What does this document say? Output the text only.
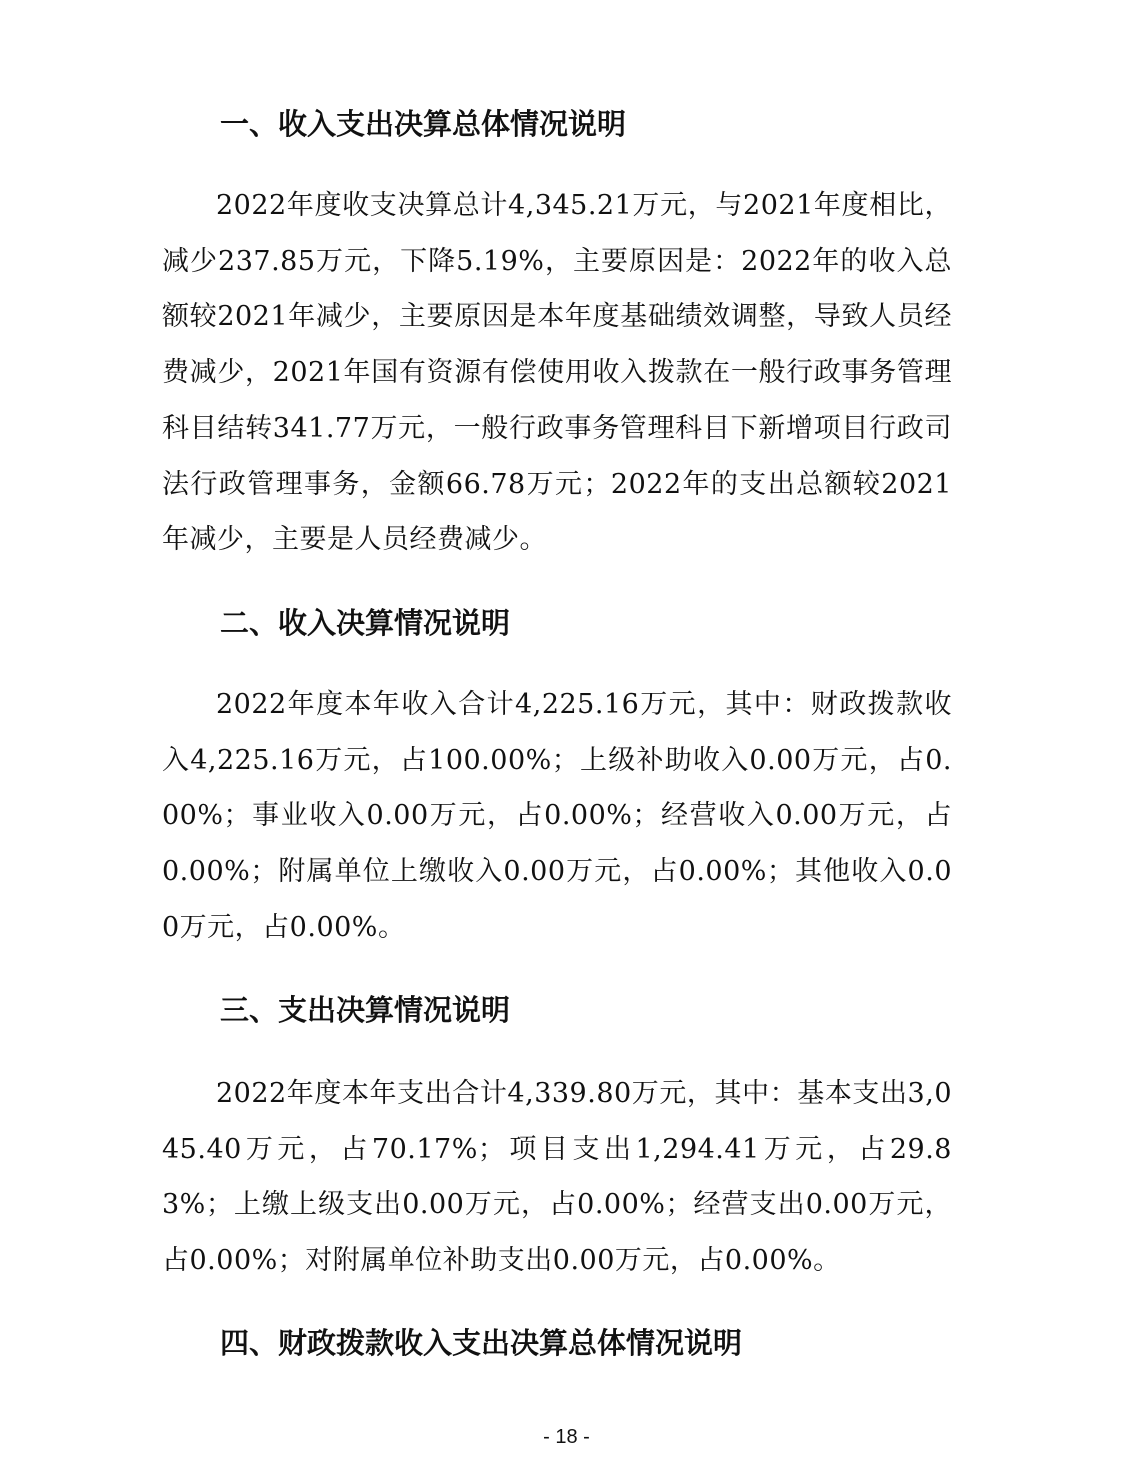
一、收入支出决算总体情况说明

2022年度收支决算总计4,345.21万元，与2021年度相比，减少237.85万元，下降5.19%，主要原因是：2022年的收入总额较2021年减少，主要原因是本年度基础绩效调整，导致人员经费减少，2021年国有资源有偿使用收入拨款在一般行政事务管理科目结转341.77万元，一般行政事务管理科目下新增项目行政司法行政管理事务，金额66.78万元；2022年的支出总额较2021年减少，主要是人员经费减少。

二、收入决算情况说明

2022年度本年收入合计4,225.16万元，其中：财政拨款收入4,225.16万元，占100.00%；上级补助收入0.00万元，占0.00%；事业收入0.00万元，占0.00%；经营收入0.00万元，占0.00%；附属单位上缴收入0.00万元，占0.00%；其他收入0.00万元，占0.00%。

三、支出决算情况说明

2022年度本年支出合计4,339.80万元，其中：基本支出3,045.40万元，占70.17%；项目支出1,294.41万元，占29.83%；上缴上级支出0.00万元，占0.00%；经营支出0.00万元，占0.00%；对附属单位补助支出0.00万元，占0.00%。

四、财政拨款收入支出决算总体情况说明
- 18 -
